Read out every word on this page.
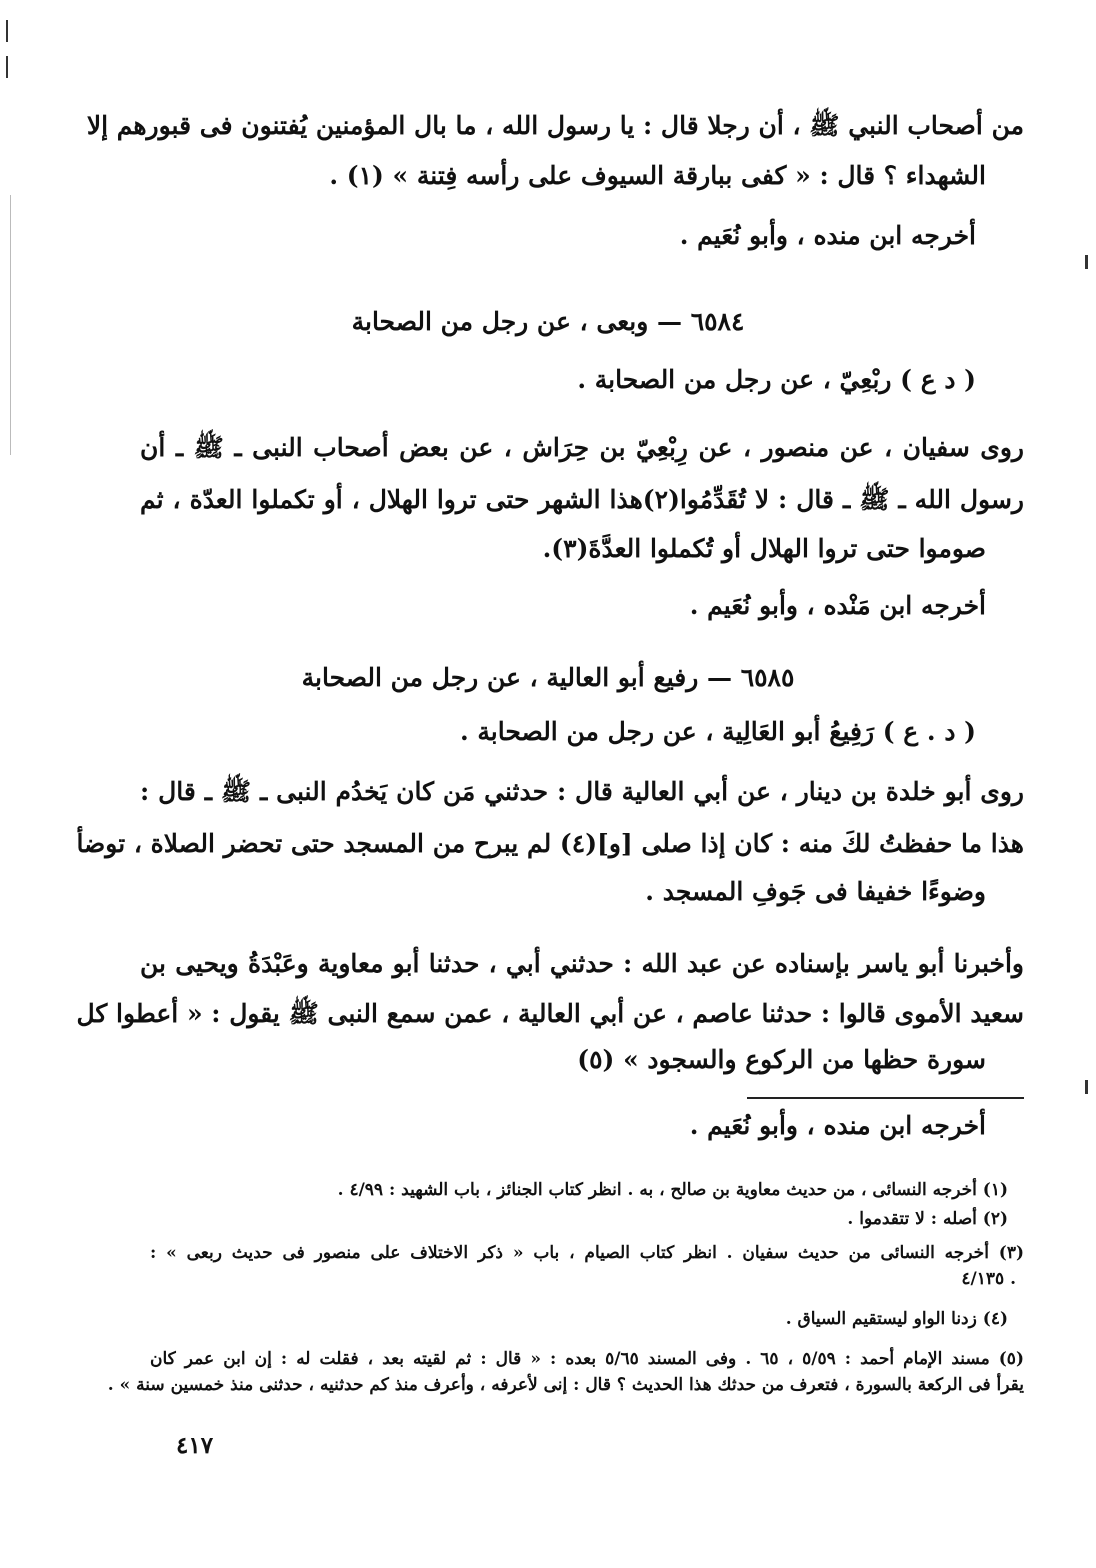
من أصحاب النبي ﷺ ، أن رجلا قال : يا رسول الله ، ما بال المؤمنين يُفتنون فى قبورهم إلا
الشهداء ؟ قال : « كفى ببارقة السيوف على رأسه فِتنة » (١) .
أخرجه ابن منده ، وأبو نُعَيم .
٦٥٨٤ — وبعى ، عن رجل من الصحابة
( د ع ) ربْعِيّ ، عن رجل من الصحابة .
روى سفيان ، عن منصور ، عن رِبْعِيّ بن حِرَاش ، عن بعض أصحاب النبى ـ ﷺ ـ أن
رسول الله ـ ﷺ ـ قال : لا تُقَدِّمُوا(٢)هذا الشهر حتى تروا الهلال ، أو تكملوا العدّة ، ثم
صوموا حتى تروا الهلال أو تُكملوا العدَّةَ(٣).
أخرجه ابن مَنْده ، وأبو نُعَيم .
٦٥٨٥ — رفيع أبو العالية ، عن رجل من الصحابة
( د . ع ) رَفِيعُ أبو العَالِية ، عن رجل من الصحابة .
روى أبو خلدة بن دينار ، عن أبي العالية قال : حدثني مَن كان يَخدُم النبى ـ ﷺ ـ قال :
هذا ما حفظتُ لكَ منه : كان إذا صلى [و](٤) لم يبرح من المسجد حتى تحضر الصلاة ، توضأ
وضوءًا خفيفا فى جَوفِ المسجد .
وأخبرنا أبو ياسر بإسناده عن عبد الله : حدثني أبي ، حدثنا أبو معاوية وعَبْدَةُ ويحيى بن
سعيد الأموى قالوا : حدثنا عاصم ، عن أبي العالية ، عمن سمع النبى ﷺ يقول : « أعطوا كل
سورة حظها من الركوع والسجود » (٥)
أخرجه ابن منده ، وأبو نُعَيم .
(١) أخرجه النسائى ، من حديث معاوية بن صالح ، به . انظر كتاب الجنائز ، باب الشهيد : ٤/٩٩ .
(٢) أصله : لا تتقدموا .
(٣) أخرجه النسائى من حديث سفيان . انظر كتاب الصيام ، باب « ذكر الاختلاف على منصور فى حديث ربعى » :
٤/١٣٥ .
(٤) زدنا الواو ليستقيم السياق .
(٥) مسند الإمام أحمد : ٥/٥٩ ، ٦٥ . وفى المسند ٥/٦٥ بعده : « قال : ثم لقيته بعد ، فقلت له : إن ابن عمر كان
يقرأ فى الركعة بالسورة ، فتعرف من حدثك هذا الحديث ؟ قال : إنى لأعرفه ، وأعرف منذ كم حدثنيه ، حدثنى منذ خمسين سنة » .
٤١٧
